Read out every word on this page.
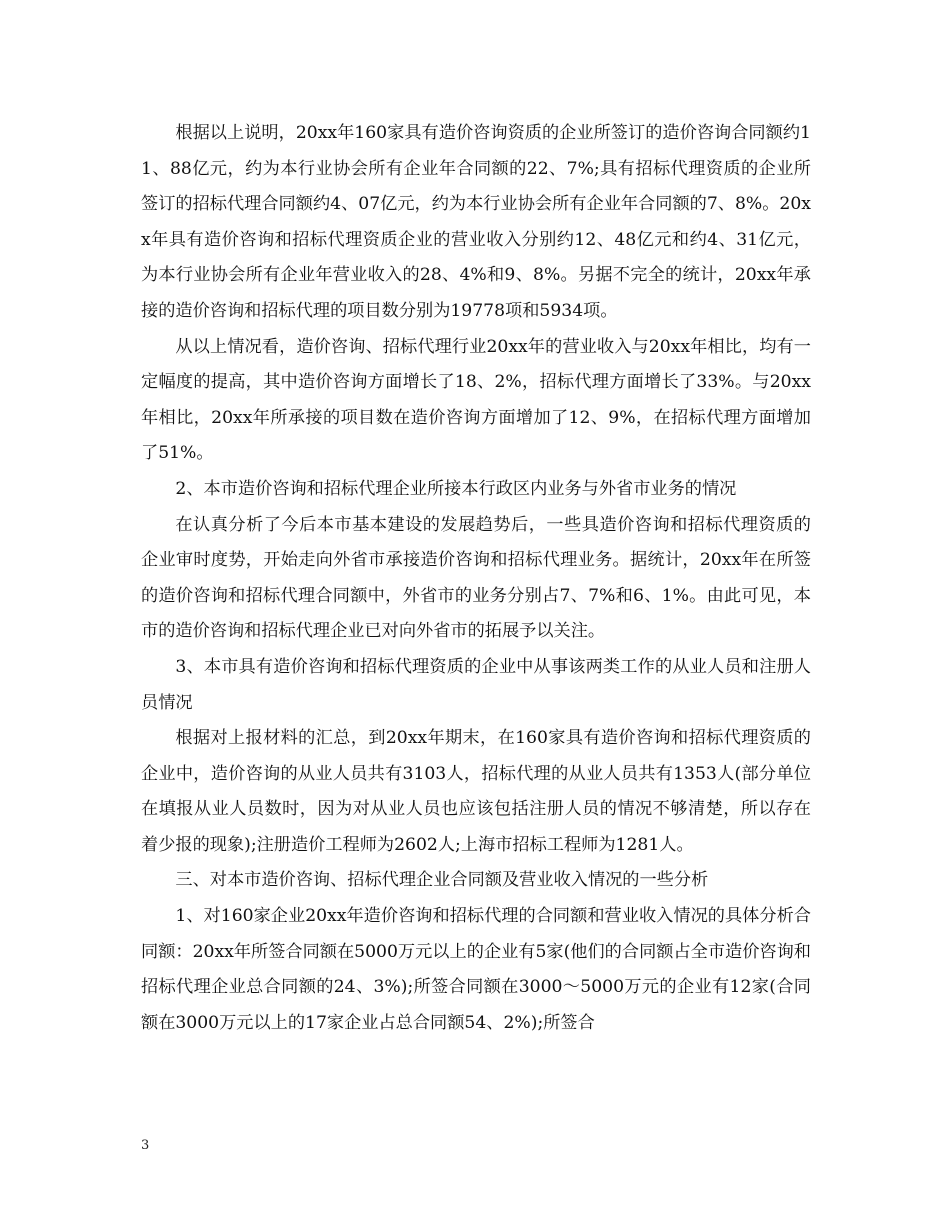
根据以上说明，20xx年160家具有造价咨询资质的企业所签订的造价咨询合同额约11、88亿元，约为本行业协会所有企业年合同额的22、7%;具有招标代理资质的企业所签订的招标代理合同额约4、07亿元，约为本行业协会所有企业年合同额的7、8%。20xx年具有造价咨询和招标代理资质企业的营业收入分别约12、48亿元和约4、31亿元，为本行业协会所有企业年营业收入的28、4%和9、8%。另据不完全的统计，20xx年承接的造价咨询和招标代理的项目数分别为19778项和5934项。

从以上情况看，造价咨询、招标代理行业20xx年的营业收入与20xx年相比，均有一定幅度的提高，其中造价咨询方面增长了18、2%，招标代理方面增长了33%。与20xx年相比，20xx年所承接的项目数在造价咨询方面增加了12、9%，在招标代理方面增加了51%。

2、本市造价咨询和招标代理企业所接本行政区内业务与外省市业务的情况

在认真分析了今后本市基本建设的发展趋势后，一些具造价咨询和招标代理资质的企业审时度势，开始走向外省市承接造价咨询和招标代理业务。据统计，20xx年在所签的造价咨询和招标代理合同额中，外省市的业务分别占7、7%和6、1%。由此可见，本市的造价咨询和招标代理企业已对向外省市的拓展予以关注。

3、本市具有造价咨询和招标代理资质的企业中从事该两类工作的从业人员和注册人员情况

根据对上报材料的汇总，到20xx年期末，在160家具有造价咨询和招标代理资质的企业中，造价咨询的从业人员共有3103人，招标代理的从业人员共有1353人(部分单位在填报从业人员数时，因为对从业人员也应该包括注册人员的情况不够清楚，所以存在着少报的现象);注册造价工程师为2602人;上海市招标工程师为1281人。

三、对本市造价咨询、招标代理企业合同额及营业收入情况的一些分析

1、对160家企业20xx年造价咨询和招标代理的合同额和营业收入情况的具体分析合同额：20xx年所签合同额在5000万元以上的企业有5家(他们的合同额占全市造价咨询和招标代理企业总合同额的24、3%);所签合同额在3000～5000万元的企业有12家(合同额在3000万元以上的17家企业占总合同额54、2%);所签合

3
